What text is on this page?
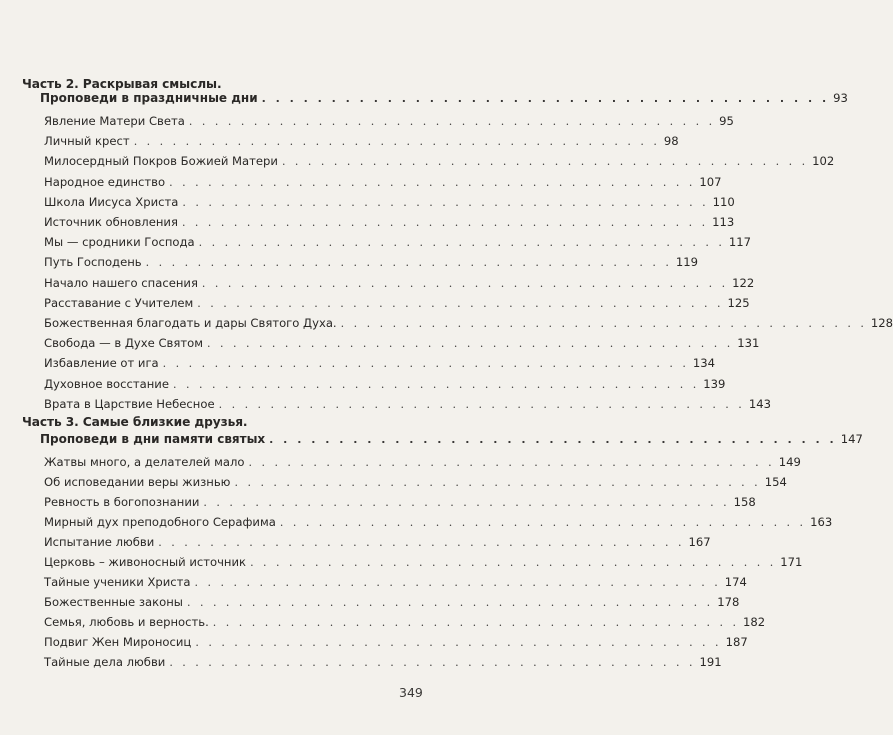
Часть 2. Раскрывая смыслы.
Проповеди в праздничные дни . . . . . . . . . . . . . . . . . . . . . . . . . . . . . . . . . . . . . . . . . 93
Явление Матери Света . . . . . . . . . . . . . . . . . . . . . . . . . . . . . . . . . . . . . . . . . 95
Личный крест . . . . . . . . . . . . . . . . . . . . . . . . . . . . . . . . . . . . . . . . . 98
Милосердный Покров Божией Матери . . . . . . . . . . . . . . . . . . . . . . . . . . . . . . . . . . . . . . . . . 102
Народное единство . . . . . . . . . . . . . . . . . . . . . . . . . . . . . . . . . . . . . . . . . 107
Школа Иисуса Христа . . . . . . . . . . . . . . . . . . . . . . . . . . . . . . . . . . . . . . . . . 110
Источник обновления . . . . . . . . . . . . . . . . . . . . . . . . . . . . . . . . . . . . . . . . . 113
Мы — сродники Господа . . . . . . . . . . . . . . . . . . . . . . . . . . . . . . . . . . . . . . . . . 117
Путь Господень . . . . . . . . . . . . . . . . . . . . . . . . . . . . . . . . . . . . . . . . . 119
Начало нашего спасения . . . . . . . . . . . . . . . . . . . . . . . . . . . . . . . . . . . . . . . . . 122
Расставание с Учителем . . . . . . . . . . . . . . . . . . . . . . . . . . . . . . . . . . . . . . . . . 125
Божественная благодать и дары Святого Духа. . . . . . . . . . . . . . . . . . . . . . . . . . . . . . . . . . . . . . . . . . 128
Свобода — в Духе Святом . . . . . . . . . . . . . . . . . . . . . . . . . . . . . . . . . . . . . . . . . 131
Избавление от ига . . . . . . . . . . . . . . . . . . . . . . . . . . . . . . . . . . . . . . . . . 134
Духовное восстание . . . . . . . . . . . . . . . . . . . . . . . . . . . . . . . . . . . . . . . . . 139
Врата в Царствие Небесное . . . . . . . . . . . . . . . . . . . . . . . . . . . . . . . . . . . . . . . . . 143
Часть 3. Самые близкие друзья.
Проповеди в дни памяти святых . . . . . . . . . . . . . . . . . . . . . . . . . . . . . . . . . . . . . . . . . 147
Жатвы много, а делателей мало . . . . . . . . . . . . . . . . . . . . . . . . . . . . . . . . . . . . . . . . . 149
Об исповедании веры жизнью . . . . . . . . . . . . . . . . . . . . . . . . . . . . . . . . . . . . . . . . . 154
Ревность в богопознании . . . . . . . . . . . . . . . . . . . . . . . . . . . . . . . . . . . . . . . . . 158
Мирный дух преподобного Серафима . . . . . . . . . . . . . . . . . . . . . . . . . . . . . . . . . . . . . . . . . 163
Испытание любви . . . . . . . . . . . . . . . . . . . . . . . . . . . . . . . . . . . . . . . . . 167
Церковь – живоносный источник . . . . . . . . . . . . . . . . . . . . . . . . . . . . . . . . . . . . . . . . . 171
Тайные ученики Христа . . . . . . . . . . . . . . . . . . . . . . . . . . . . . . . . . . . . . . . . . 174
Божественные законы . . . . . . . . . . . . . . . . . . . . . . . . . . . . . . . . . . . . . . . . . 178
Семья, любовь и верность. . . . . . . . . . . . . . . . . . . . . . . . . . . . . . . . . . . . . . . . . . 182
Подвиг Жен Мироносиц . . . . . . . . . . . . . . . . . . . . . . . . . . . . . . . . . . . . . . . . . 187
Тайные дела любви . . . . . . . . . . . . . . . . . . . . . . . . . . . . . . . . . . . . . . . . . 191
349
